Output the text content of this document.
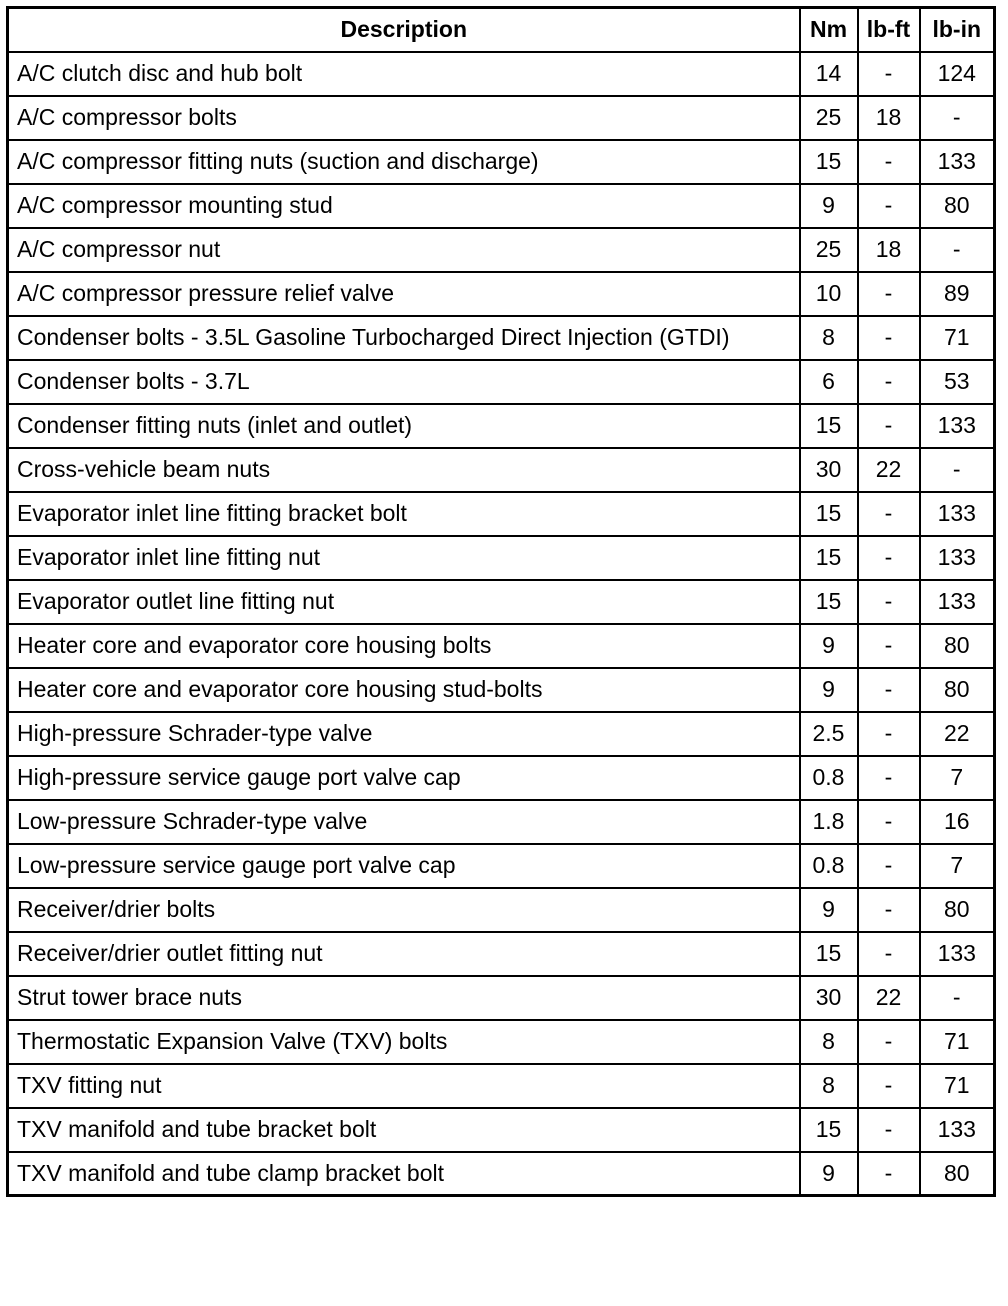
Description	Nm	lb-ft	lb-in
A/C clutch disc and hub bolt	14	-	124
A/C compressor bolts	25	18	-
A/C compressor fitting nuts (suction and discharge)	15	-	133
A/C compressor mounting stud	9	-	80
A/C compressor nut	25	18	-
A/C compressor pressure relief valve	10	-	89
Condenser bolts - 3.5L Gasoline Turbocharged Direct Injection (GTDI)	8	-	71
Condenser bolts - 3.7L	6	-	53
Condenser fitting nuts (inlet and outlet)	15	-	133
Cross-vehicle beam nuts	30	22	-
Evaporator inlet line fitting bracket bolt	15	-	133
Evaporator inlet line fitting nut	15	-	133
Evaporator outlet line fitting nut	15	-	133
Heater core and evaporator core housing bolts	9	-	80
Heater core and evaporator core housing stud-bolts	9	-	80
High-pressure Schrader-type valve	2.5	-	22
High-pressure service gauge port valve cap	0.8	-	7
Low-pressure Schrader-type valve	1.8	-	16
Low-pressure service gauge port valve cap	0.8	-	7
Receiver/drier bolts	9	-	80
Receiver/drier outlet fitting nut	15	-	133
Strut tower brace nuts	30	22	-
Thermostatic Expansion Valve (TXV) bolts	8	-	71
TXV fitting nut	8	-	71
TXV manifold and tube bracket bolt	15	-	133
TXV manifold and tube clamp bracket bolt	9	-	80
